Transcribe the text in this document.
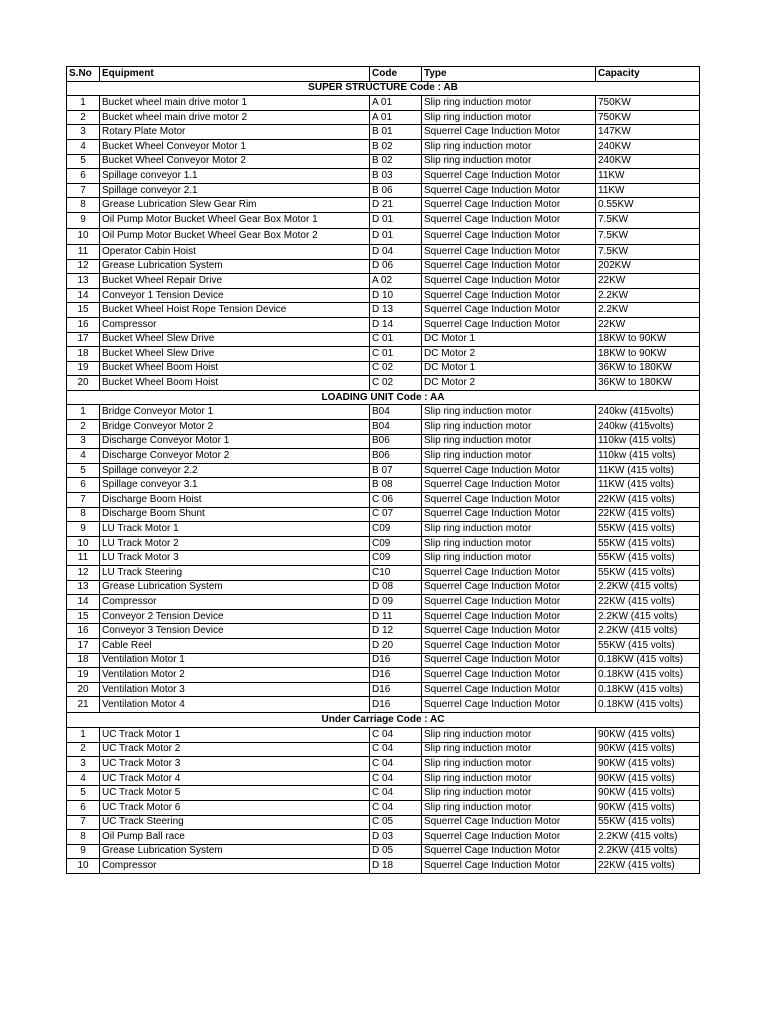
S.No	Equipment	Code	Type	Capacity
SUPER STRUCTURE Code : AB				
1	Bucket wheel main drive motor 1	A 01	Slip ring induction motor	750KW
2	Bucket wheel main drive motor 2	A 01	Slip ring induction motor	750KW
3	Rotary Plate Motor	B 01	Squerrel Cage Induction Motor	147KW
4	Bucket Wheel Conveyor Motor 1	B 02	Slip ring induction motor	240KW
5	Bucket Wheel Conveyor Motor 2	B 02	Slip ring induction motor	240KW
6	Spillage conveyor 1.1	B 03	Squerrel Cage Induction Motor	11KW
7	Spillage conveyor 2.1	B 06	Squerrel Cage Induction Motor	11KW
8	Grease Lubrication Slew Gear Rim	D 21	Squerrel Cage Induction Motor	0.55KW
9	Oil Pump Motor Bucket Wheel Gear Box Motor 1	D 01	Squerrel Cage Induction Motor	7.5KW
10	Oil Pump Motor Bucket Wheel Gear Box Motor 2	D 01	Squerrel Cage Induction Motor	7.5KW
11	Operator Cabin Hoist	D 04	Squerrel Cage Induction Motor	7.5KW
12	Grease Lubrication System	D 06	Squerrel Cage Induction Motor	202KW
13	Bucket Wheel Repair Drive	A 02	Squerrel Cage Induction Motor	22KW
14	Conveyor 1 Tension Device	D 10	Squerrel Cage Induction Motor	2.2KW
15	Bucket Wheel Hoist Rope Tension Device	D 13	Squerrel Cage Induction Motor	2.2KW
16	Compressor	D 14	Squerrel Cage Induction Motor	22KW
17	Bucket Wheel Slew Drive	C 01	DC Motor 1	18KW to 90KW
18	Bucket Wheel Slew Drive	C 01	DC Motor 2	18KW to 90KW
19	Bucket Wheel Boom Hoist	C 02	DC Motor 1	36KW to 180KW
20	Bucket Wheel Boom Hoist	C 02	DC Motor 2	36KW to 180KW
LOADING UNIT Code : AA				
1	Bridge Conveyor Motor 1	B04	Slip ring induction motor	240kw (415volts)
2	Bridge Conveyor Motor 2	B04	Slip ring induction motor	240kw (415volts)
3	Discharge Conveyor Motor 1	B06	Slip ring induction motor	110kw (415 volts)
4	Discharge Conveyor Motor 2	B06	Slip ring induction motor	110kw (415 volts)
5	Spillage conveyor 2.2	B 07	Squerrel Cage Induction Motor	11KW (415 volts)
6	Spillage conveyor 3.1	B 08	Squerrel Cage Induction Motor	11KW (415 volts)
7	Discharge Boom Hoist	C 06	Squerrel Cage Induction Motor	22KW (415 volts)
8	Discharge Boom Shunt	C 07	Squerrel Cage Induction Motor	22KW (415 volts)
9	LU Track Motor 1	C09	Slip ring induction motor	55KW (415 volts)
10	LU Track Motor 2	C09	Slip ring induction motor	55KW (415 volts)
11	LU Track Motor 3	C09	Slip ring induction motor	55KW (415 volts)
12	LU Track Steering	C10	Squerrel Cage Induction Motor	55KW (415 volts)
13	Grease Lubrication System	D 08	Squerrel Cage Induction Motor	2.2KW (415 volts)
14	Compressor	D 09	Squerrel Cage Induction Motor	22KW (415 volts)
15	Conveyor 2 Tension Device	D 11	Squerrel Cage Induction Motor	2.2KW (415 volts)
16	Conveyor 3 Tension Device	D 12	Squerrel Cage Induction Motor	2.2KW (415 volts)
17	Cable Reel	D 20	Squerrel Cage Induction Motor	55KW (415 volts)
18	Ventilation Motor 1	D16	Squerrel Cage Induction Motor	0.18KW (415 volts)
19	Ventilation Motor 2	D16	Squerrel Cage Induction Motor	0.18KW (415 volts)
20	Ventilation Motor 3	D16	Squerrel Cage Induction Motor	0.18KW (415 volts)
21	Ventilation Motor 4	D16	Squerrel Cage Induction Motor	0.18KW (415 volts)
Under Carriage Code : AC				
1	UC Track Motor 1	C 04	Slip ring induction motor	90KW (415 volts)
2	UC Track Motor 2	C 04	Slip ring induction motor	90KW (415 volts)
3	UC Track Motor 3	C 04	Slip ring induction motor	90KW (415 volts)
4	UC Track Motor 4	C 04	Slip ring induction motor	90KW (415 volts)
5	UC Track Motor 5	C 04	Slip ring induction motor	90KW (415 volts)
6	UC Track Motor 6	C 04	Slip ring induction motor	90KW (415 volts)
7	UC Track Steering	C 05	Squerrel Cage Induction Motor	55KW (415 volts)
8	Oil Pump Ball race	D 03	Squerrel Cage Induction Motor	2.2KW (415 volts)
9	Grease Lubrication System	D 05	Squerrel Cage Induction Motor	2.2KW (415 volts)
10	Compressor	D 18	Squerrel Cage Induction Motor	22KW (415 volts)
